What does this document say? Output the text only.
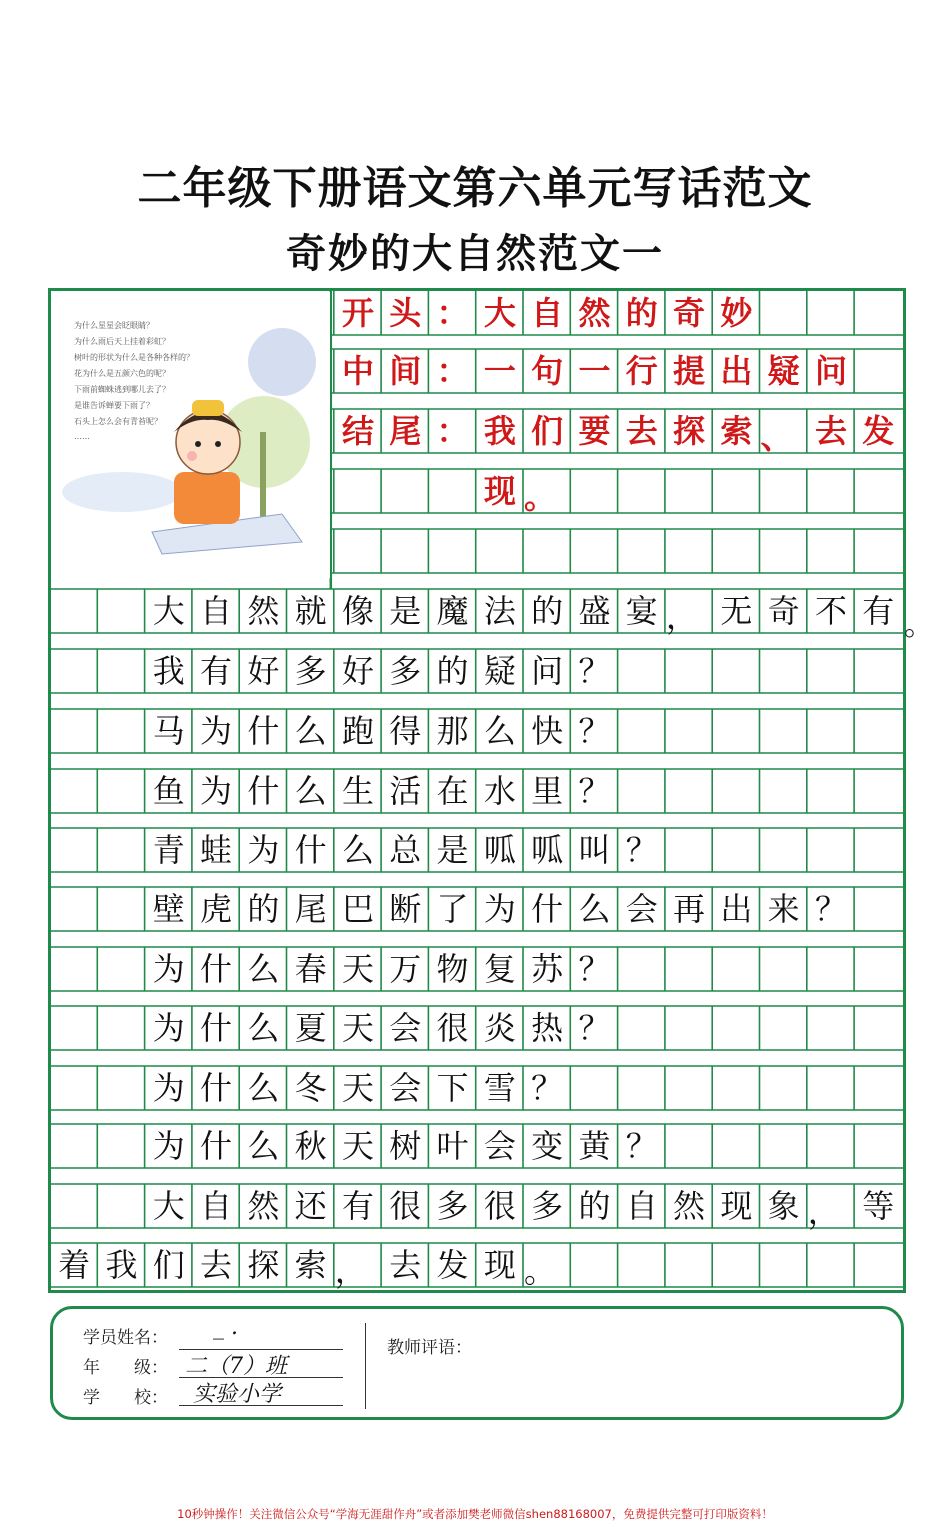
二年级下册语文第六单元写话范文
奇妙的大自然范文一
为什么星星会眨眼睛？
为什么雨后天上挂着彩虹？
树叶的形状为什么是各种各样的？
花为什么是五颜六色的呢？
下雨前蜘蛛逃到哪儿去了？
是谁告诉蝉要下雨了？
石头上怎么会有青苔呢？
……
开 头 ： 大 自 然 的 奇 妙
中 间 ： 一 句 一 行 提 出 疑 问
结 尾 ： 我 们 要 去 探 索 、 去 发
现 。
大 自 然 就 像 是 魔 法 的 盛 宴 ， 无 奇 不 有
我 有 好 多 好 多 的 疑 问 ？
马 为 什 么 跑 得 那 么 快 ？
鱼 为 什 么 生 活 在 水 里 ？
青 蛙 为 什 么 总 是 呱 呱 叫 ？
壁 虎 的 尾 巴 断 了 为 什 么 会 再 出 来 ？
为 什 么 春 天 万 物 复 苏 ？
为 什 么 夏 天 会 很 炎 热 ？
为 什 么 冬 天 会 下 雪 ？
为 什 么 秋 天 树 叶 会 变 黄 ？
大 自 然 还 有 很 多 很 多 的 自 然 现 象 ， 等
着 我 们 去 探 索 ， 去 发 现 。
。
学员姓名： _ .
年　　级： 二（7）班
学　　校： 实验小学
教师评语：
10秒钟操作！关注微信公众号“学海无涯甜作舟”或者添加樊老师微信shen88168007，免费提供完整可打印版资料！
